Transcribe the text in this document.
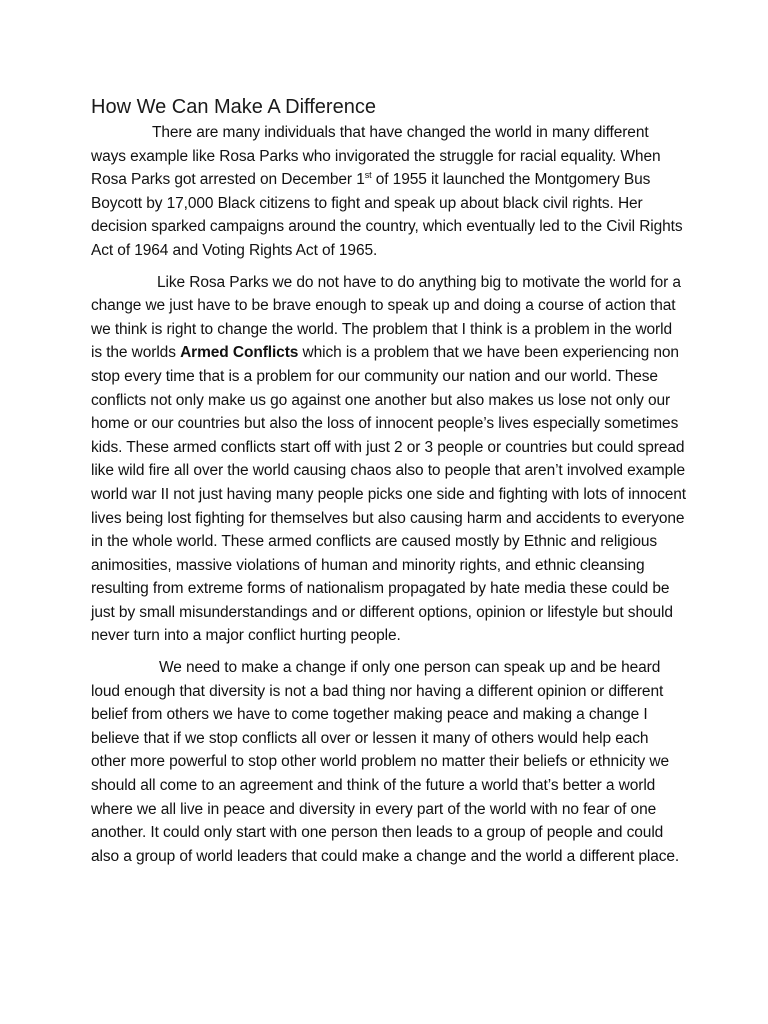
How We Can Make A Difference

There are many individuals that have changed the world in many different ways example like Rosa Parks who invigorated the struggle for racial equality. When Rosa Parks got arrested on December 1st of 1955 it launched the Montgomery Bus Boycott by 17,000 Black citizens to fight and speak up about black civil rights. Her decision sparked campaigns around the country, which eventually led to the Civil Rights Act of 1964 and Voting Rights Act of 1965.

Like Rosa Parks we do not have to do anything big to motivate the world for a change we just have to be brave enough to speak up and doing a course of action that we think is right to change the world. The problem that I think is a problem in the world is the worlds Armed Conflicts which is a problem that we have been experiencing non stop every time that is a problem for our community our nation and our world. These conflicts not only make us go against one another but also makes us lose not only our home or our countries but also the loss of innocent people’s lives especially sometimes kids. These armed conflicts start off with just 2 or 3 people or countries but could spread like wild fire all over the world causing chaos also to people that aren’t involved example world war II not just having many people picks one side and fighting with lots of innocent lives being lost fighting for themselves but also causing harm and accidents to everyone in the whole world. These armed conflicts are caused mostly by Ethnic and religious animosities, massive violations of human and minority rights, and ethnic cleansing resulting from extreme forms of nationalism propagated by hate media these could be just by small misunderstandings and or different options, opinion or lifestyle but should never turn into a major conflict hurting people.

We need to make a change if only one person can speak up and be heard loud enough that diversity is not a bad thing nor having a different opinion or different belief from others we have to come together making peace and making a change I believe that if we stop conflicts all over or lessen it many of others would help each other more powerful to stop other world problem no matter their beliefs or ethnicity we should all come to an agreement and think of the future a world that’s better a world where we all live in peace and diversity in every part of the world with no fear of one another. It could only start with one person then leads to a group of people and could also a group of world leaders that could make a change and the world a different place.
